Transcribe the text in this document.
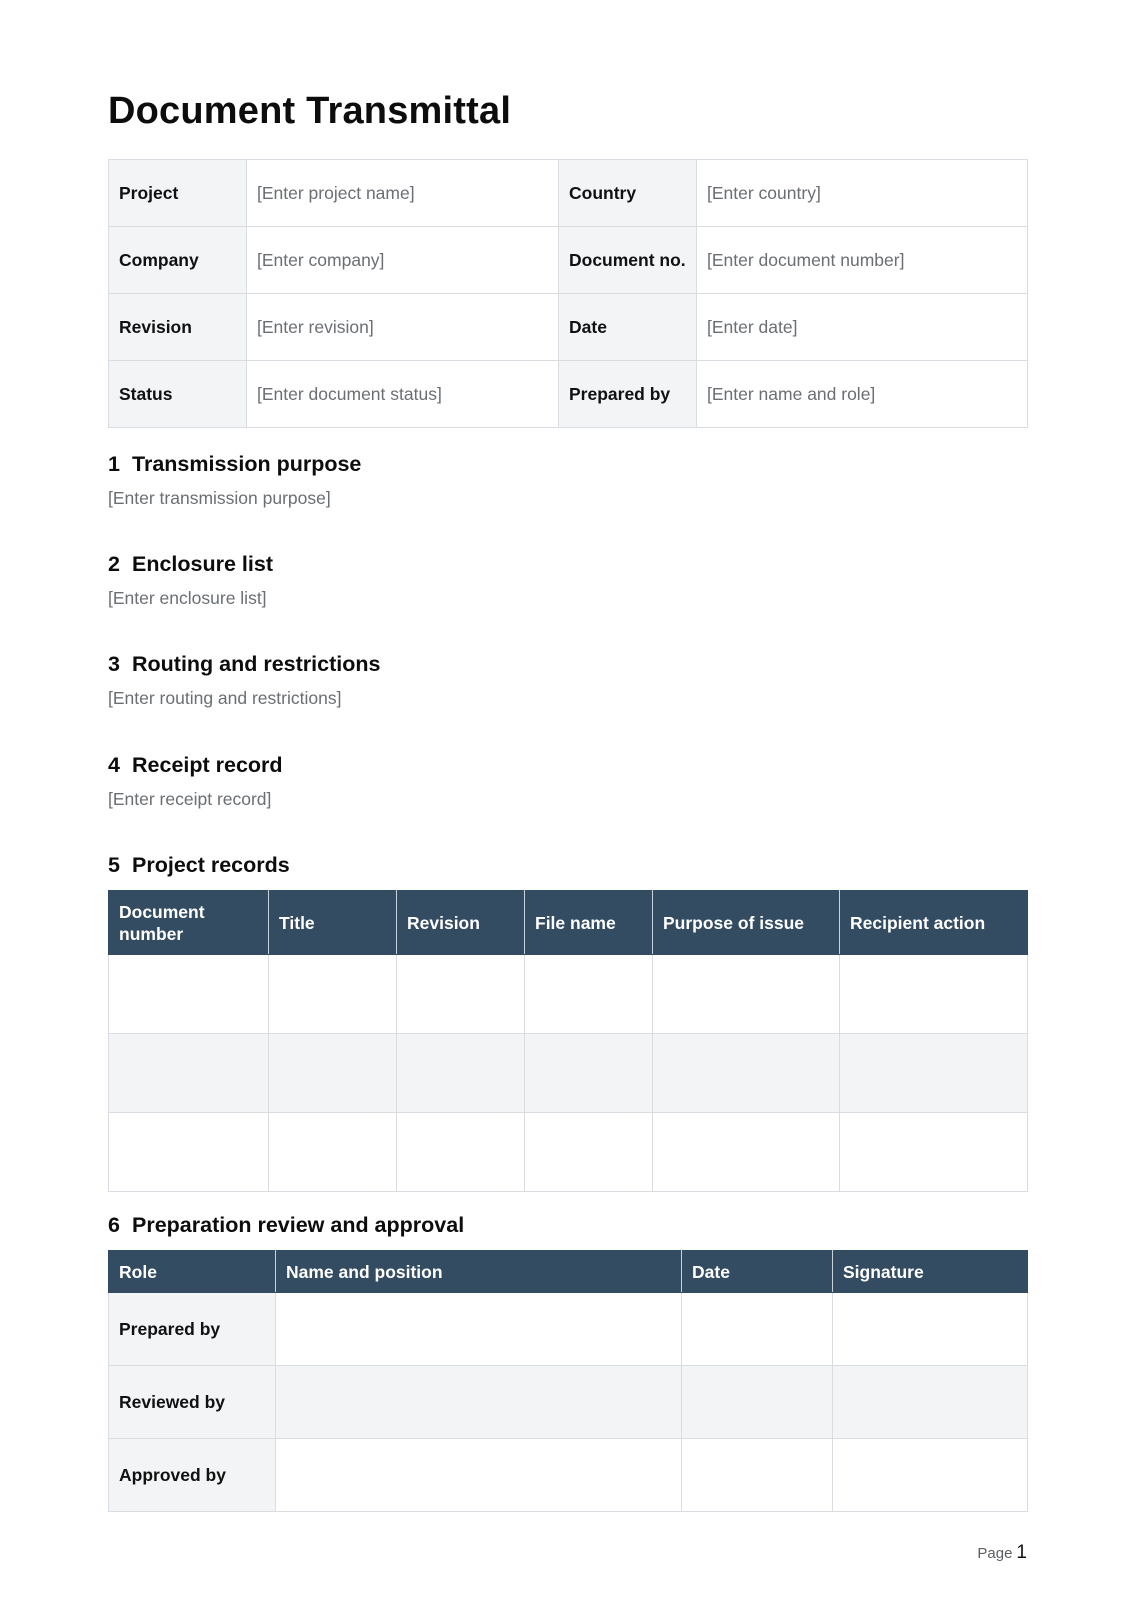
Document Transmittal
Project	[Enter project name]	Country	[Enter country]
Company	[Enter company]	Document no.	[Enter document number]
Revision	[Enter revision]	Date	[Enter date]
Status	[Enter document status]	Prepared by	[Enter name and role]
1 Transmission purpose

[Enter transmission purpose]

2 Enclosure list

[Enter enclosure list]

3 Routing and restrictions

[Enter routing and restrictions]

4 Receipt record

[Enter receipt record]

5 Project records
Document number	Title	Revision	File name	Purpose of issue	Recipient action

6 Preparation review and approval
Role	Name and position	Date	Signature
Prepared by			
Reviewed by			
Approved by			
Page 1
